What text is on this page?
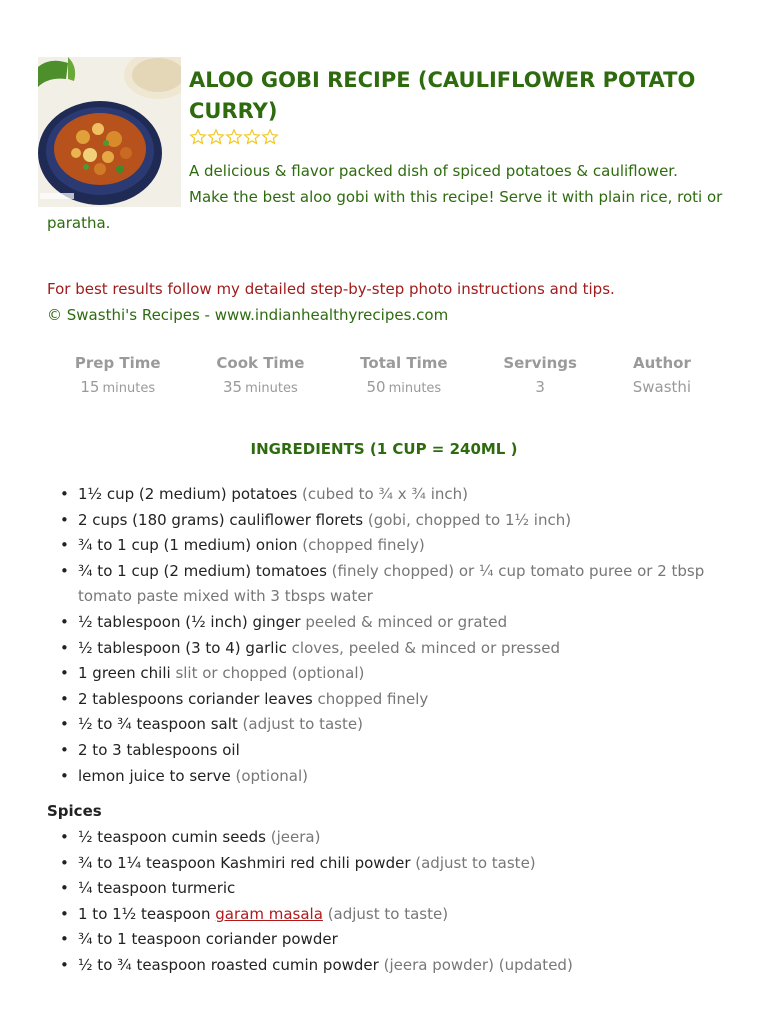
ALOO GOBI RECIPE (CAULIFLOWER POTATO CURRY)
A delicious & flavor packed dish of spiced potatoes & cauliflower.
Make the best aloo gobi with this recipe! Serve it with plain rice, roti or
paratha.

For best results follow my detailed step-by-step photo instructions and tips.

© Swasthi's Recipes - www.indianhealthyrecipes.com

Prep Time
15 minutes
Cook Time
35 minutes
Total Time
50 minutes
Servings
3
Author
Swasthi
INGREDIENTS (1 CUP = 240ML )
• 1½ cup (2 medium) potatoes (cubed to ¾ x ¾ inch)
• 2 cups (180 grams) cauliflower florets (gobi, chopped to 1½ inch)
• ¾ to 1 cup (1 medium) onion (chopped finely)
• ¾ to 1 cup (2 medium) tomatoes (finely chopped) or ¼ cup tomato puree or 2 tbsp tomato paste mixed with 3 tbsps water
• ½ tablespoon (½ inch) ginger peeled & minced or grated
• ½ tablespoon (3 to 4) garlic cloves, peeled & minced or pressed
• 1 green chili slit or chopped (optional)
• 2 tablespoons coriander leaves chopped finely
• ½ to ¾ teaspoon salt (adjust to taste)
• 2 to 3 tablespoons oil
• lemon juice to serve (optional)

Spices

• ½ teaspoon cumin seeds (jeera)
• ¾ to 1¼ teaspoon Kashmiri red chili powder (adjust to taste)
• ¼ teaspoon turmeric
• 1 to 1½ teaspoon garam masala (adjust to taste)
• ¾ to 1 teaspoon coriander powder
• ½ to ¾ teaspoon roasted cumin powder (jeera powder) (updated)
